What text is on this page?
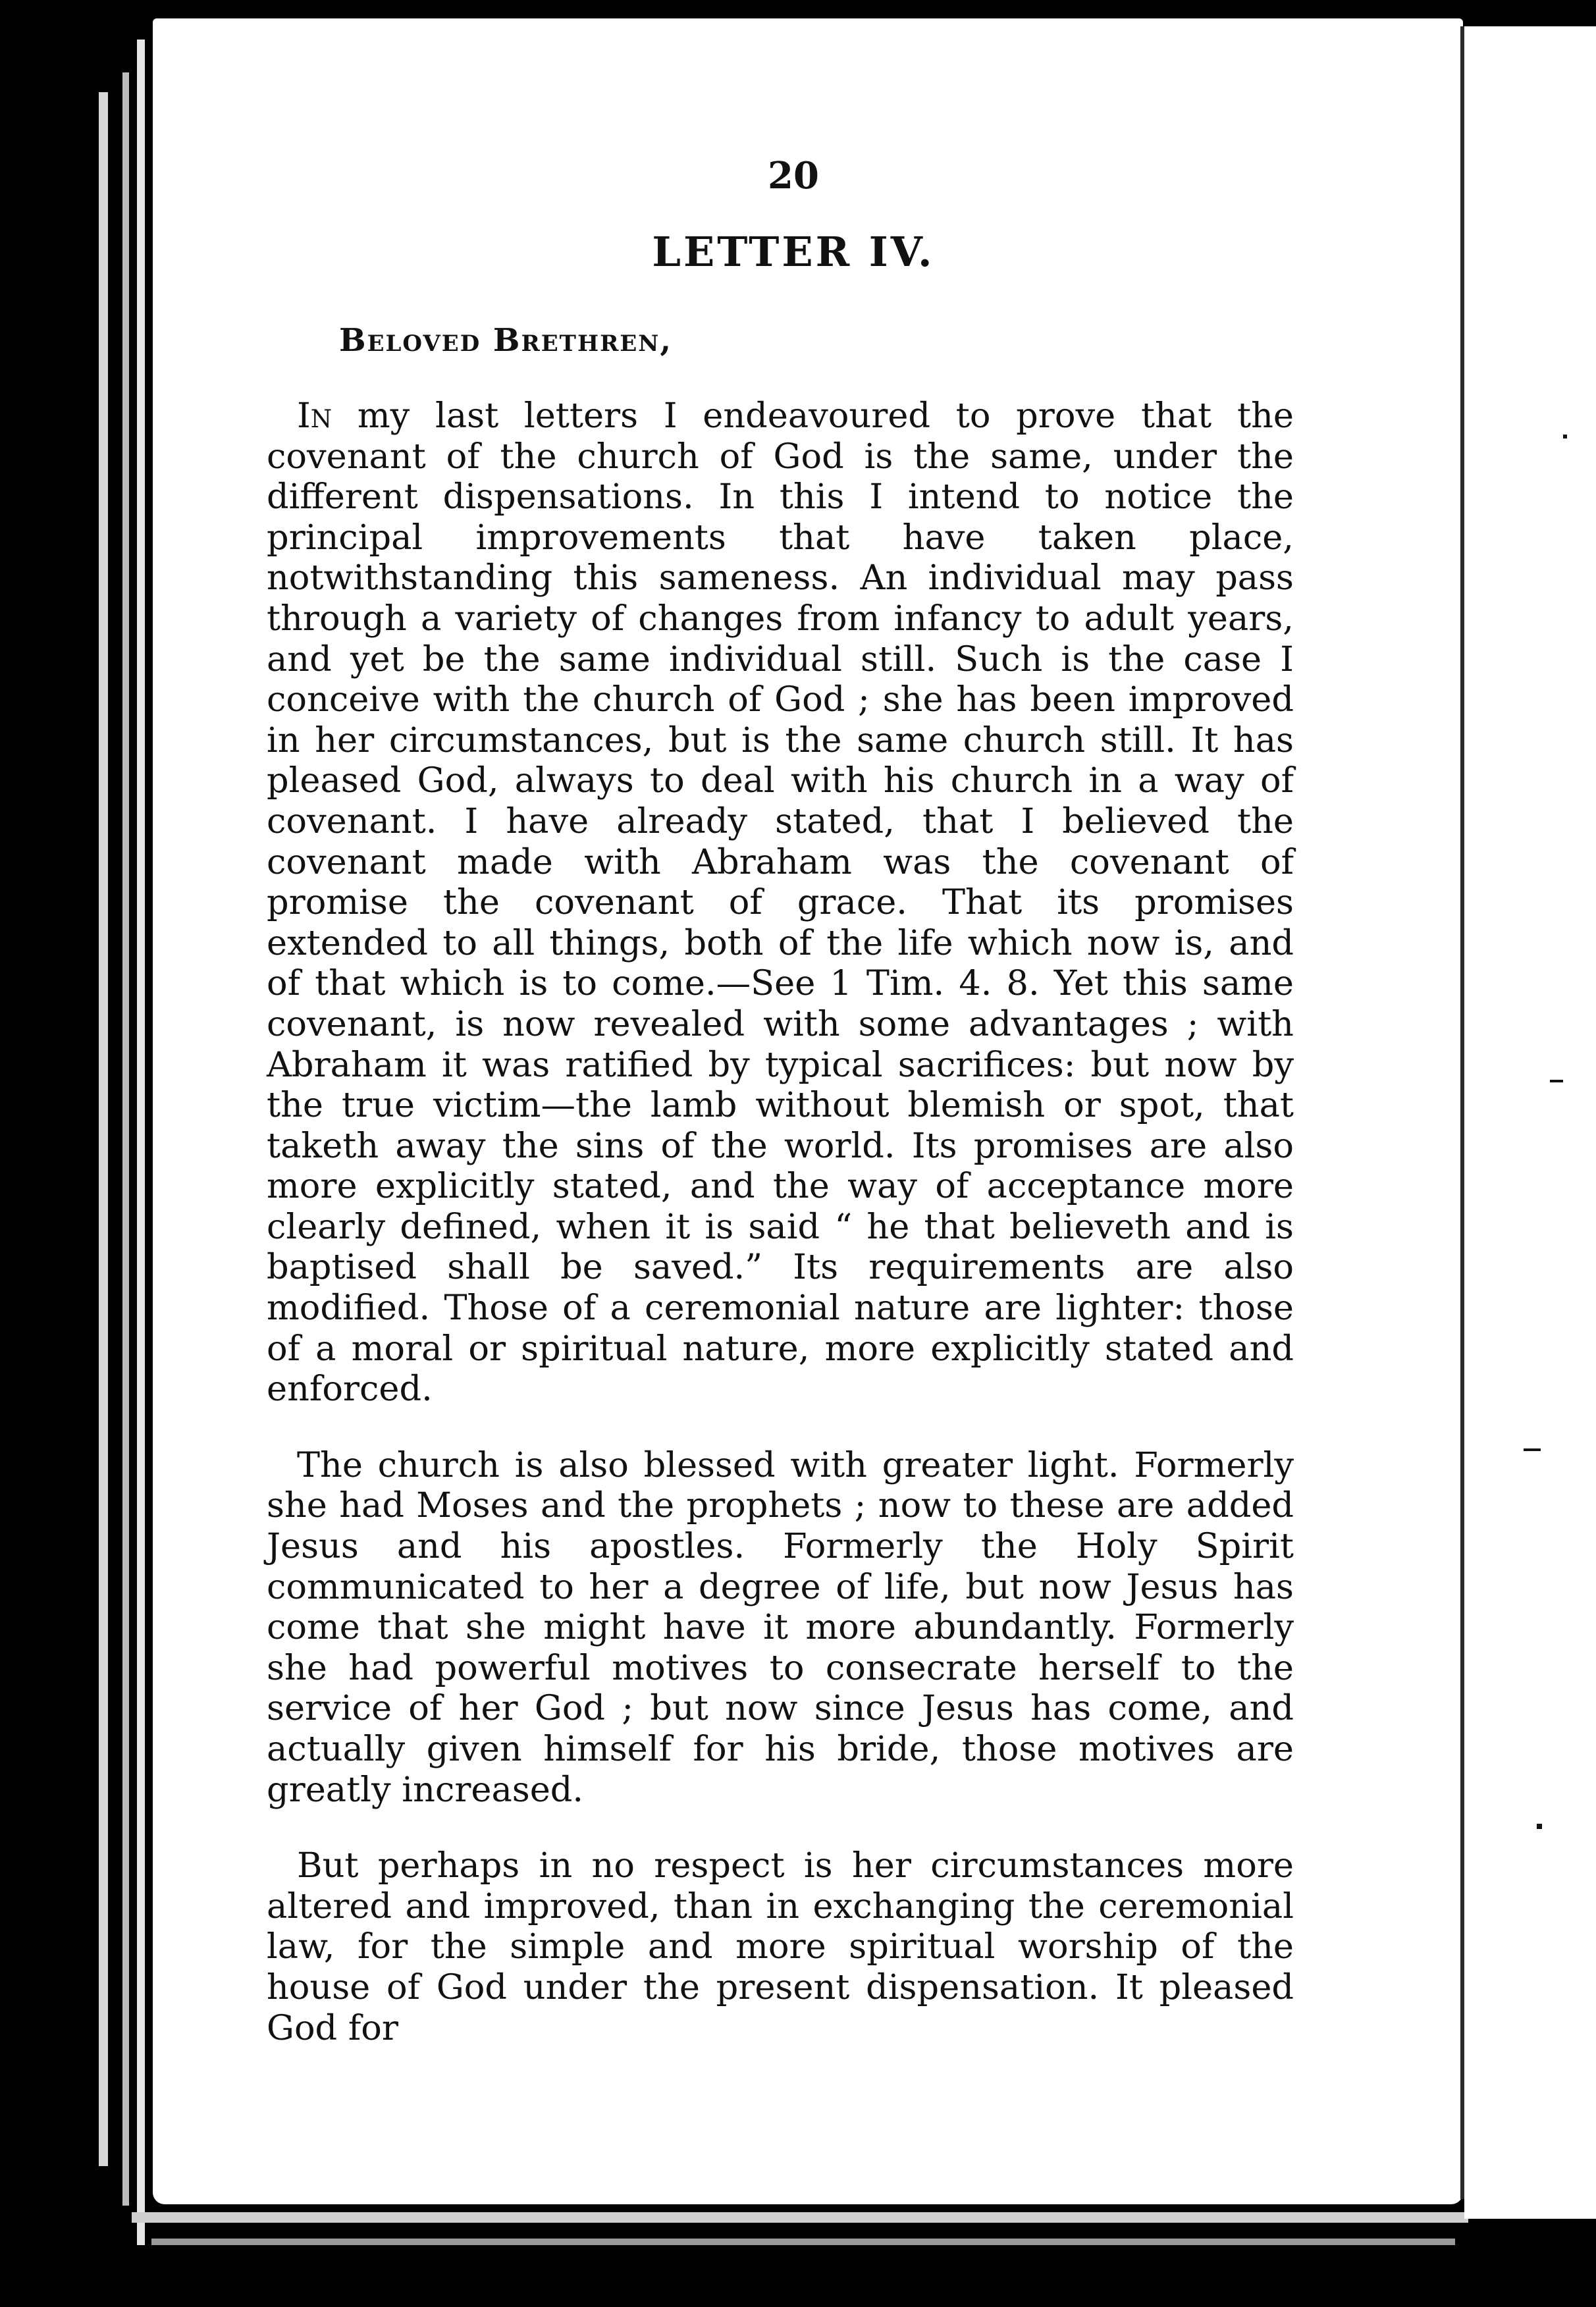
20
LETTER IV.
Beloved Brethren,

In my last letters I endeavoured to prove that the covenant of the church of God is the same, under the different dispensations. In this I intend to notice the principal improvements that have taken place, notwithstanding this sameness. An individual may pass through a variety of changes from infancy to adult years, and yet be the same individual still. Such is the case I conceive with the church of God ; she has been improved in her circumstances, but is the same church still. It has pleased God, always to deal with his church in a way of covenant. I have already stated, that I believed the covenant made with Abraham was the covenant of promise the covenant of grace. That its promises extended to all things, both of the life which now is, and of that which is to come.—See 1 Tim. 4. 8. Yet this same covenant, is now revealed with some advantages ; with Abraham it was ratified by typical sacrifices: but now by the true victim—the lamb without blemish or spot, that taketh away the sins of the world. Its promises are also more explicitly stated, and the way of acceptance more clearly defined, when it is said “ he that believeth and is baptised shall be saved.” Its requirements are also modified. Those of a ceremonial nature are lighter: those of a moral or spiritual nature, more explicitly stated and enforced.

The church is also blessed with greater light. Formerly she had Moses and the prophets ; now to these are added Jesus and his apostles. Formerly the Holy Spirit communicated to her a degree of life, but now Jesus has come that she might have it more abundantly. Formerly she had powerful motives to consecrate herself to the service of her God ; but now since Jesus has come, and actually given himself for his bride, those motives are greatly increased.

But perhaps in no respect is her circumstances more altered and improved, than in exchanging the ceremonial law, for the simple and more spiritual worship of the house of God under the present dispensation. It pleased God for
